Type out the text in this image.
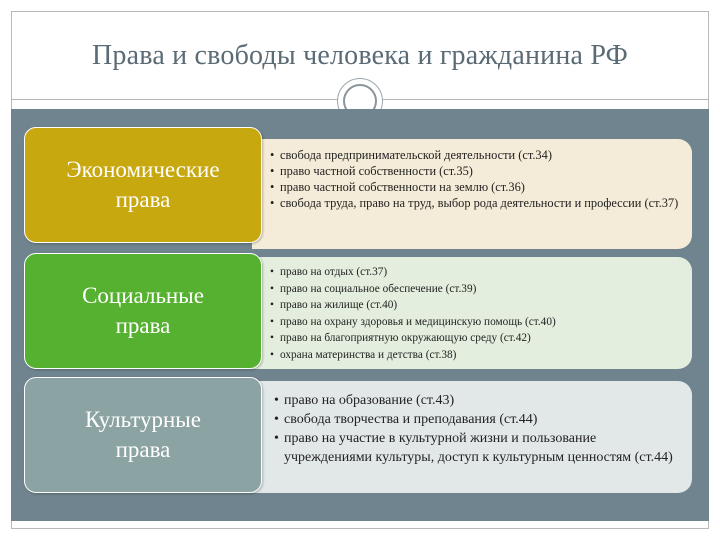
Права и свободы человека и гражданина РФ
• свобода предпринимательской деятельности (ст.34)
• право частной собственности (ст.35)
• право частной собственности на землю (ст.36)
• свобода труда, право на труд, выбор рода деятельности и профессии (ст.37)
Экономические
права
• право на отдых (ст.37)
• право на социальное обеспечение (ст.39)
• право на жилище (ст.40)
• право на охрану здоровья и медицинскую помощь (ст.40)
• право на благоприятную окружающую среду (ст.42)
• охрана материнства и детства (ст.38)
Социальные
права
• право на образование (ст.43)
• свобода творчества и преподавания (ст.44)
• право на участие в культурной жизни и пользование учреждениями культуры, доступ к культурным ценностям (ст.44)
Культурные
права
